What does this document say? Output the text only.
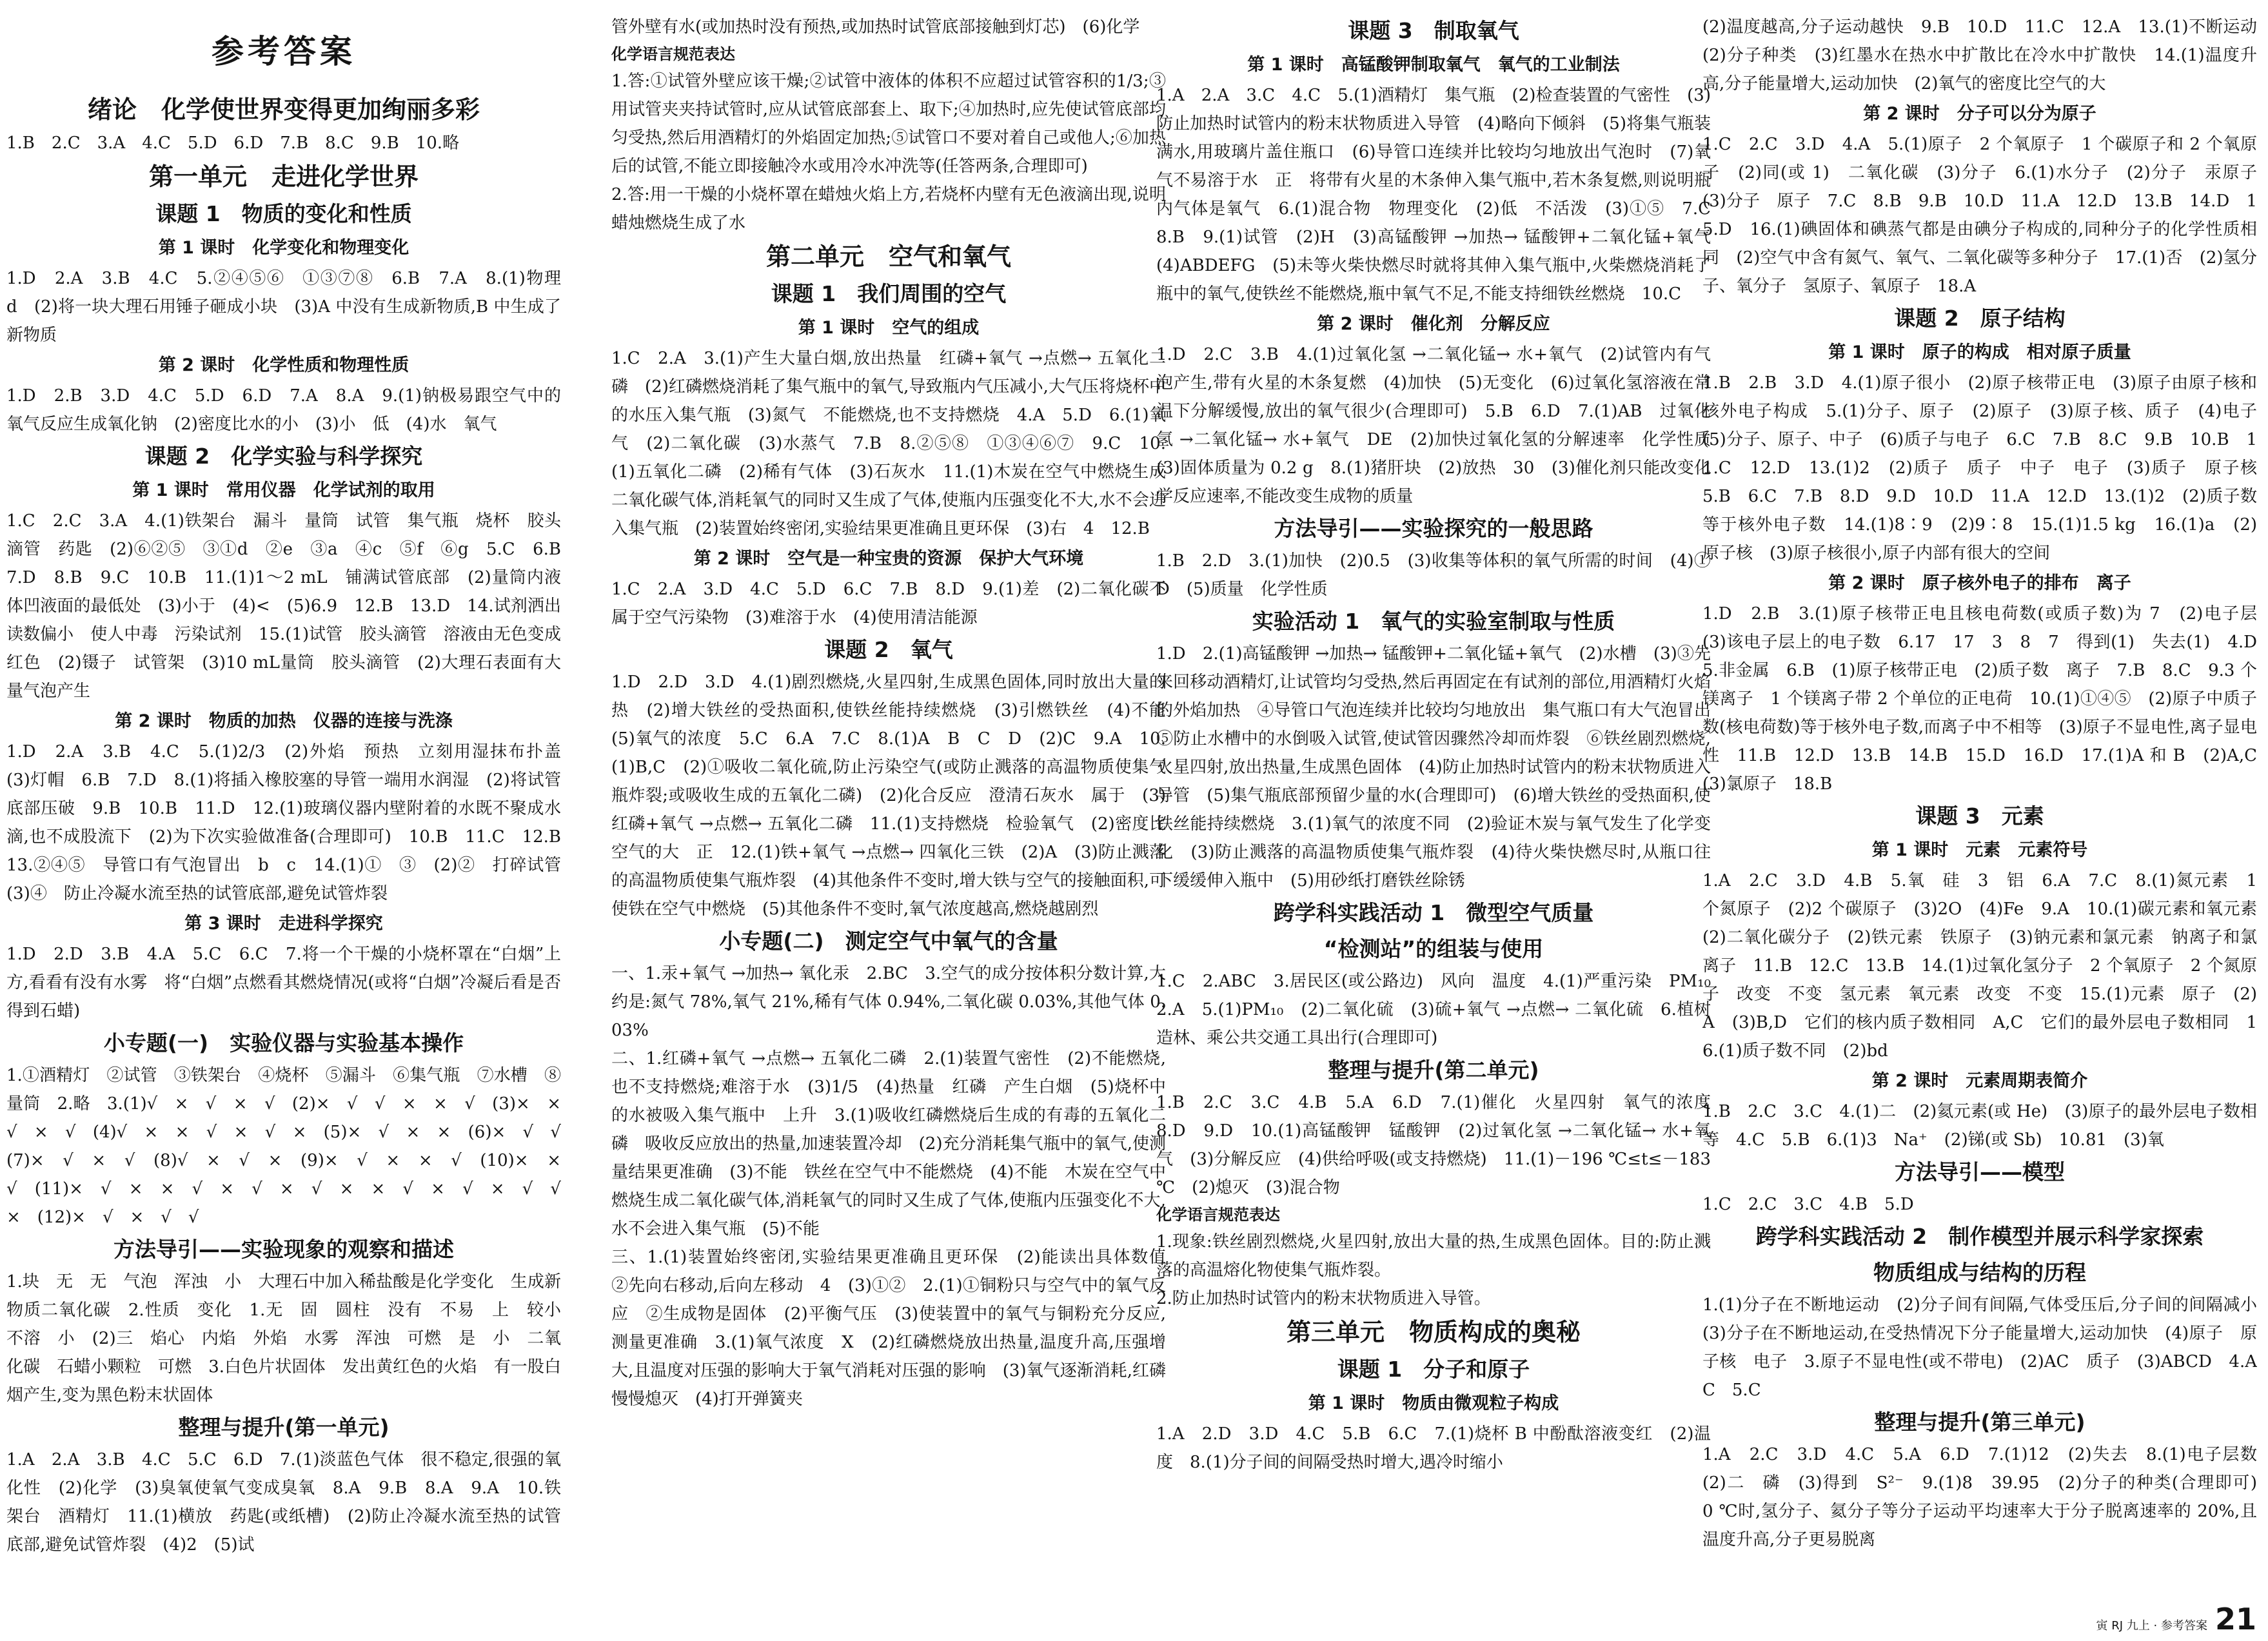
参考答案
绪论　化学使世界变得更加绚丽多彩
1.B　2.C　3.A　4.C　5.D　6.D　7.B　8.C　9.B　10.略
第一单元　走进化学世界
课题 1　物质的变化和性质
第 1 课时　化学变化和物理变化
1.D　2.A　3.B　4.C　5.②④⑤⑥　①③⑦⑧　6.B　7.A　8.(1)物理　d　(2)将一块大理石用锤子砸成小块　(3)A 中没有生成新物质,B 中生成了新物质
第 2 课时　化学性质和物理性质
1.D　2.B　3.D　4.C　5.D　6.D　7.A　8.A　9.(1)钠极易跟空气中的氧气反应生成氧化钠　(2)密度比水的小　(3)小　低　(4)水　氧气
课题 2　化学实验与科学探究
第 1 课时　常用仪器　化学试剂的取用
1.C　2.C　3.A　4.(1)铁架台　漏斗　量筒　试管　集气瓶　烧杯　胶头滴管　药匙　(2)⑥②⑤　③①d　②e　③a　④c　⑤f　⑥g　5.C　6.B　7.D　8.B　9.C　10.B　11.(1)1～2 mL　铺满试管底部　(2)量筒内液体凹液面的最低处　(3)小于　(4)<　(5)6.9　12.B　13.D　14.试剂洒出　读数偏小　使人中毒　污染试剂　15.(1)试管　胶头滴管　溶液由无色变成红色　(2)镊子　试管架　(3)10 mL量筒　胶头滴管　(2)大理石表面有大量气泡产生
第 2 课时　物质的加热　仪器的连接与洗涤
1.D　2.A　3.B　4.C　5.(1)2/3　(2)外焰　预热　立刻用湿抹布扑盖　(3)灯帽　6.B　7.D　8.(1)将插入橡胶塞的导管一端用水润湿　(2)将试管底部压破　9.B　10.B　11.D　12.(1)玻璃仪器内壁附着的水既不聚成水滴,也不成股流下　(2)为下次实验做准备(合理即可)　10.B　11.C　12.B　13.②④⑤　导管口有气泡冒出　b　c　14.(1)①　③　(2)②　打碎试管　(3)④　防止冷凝水流至热的试管底部,避免试管炸裂
第 3 课时　走进科学探究
1.D　2.D　3.B　4.A　5.C　6.C　7.将一个干燥的小烧杯罩在“白烟”上方,看看有没有水雾　将“白烟”点燃看其燃烧情况(或将“白烟”冷凝后看是否得到石蜡)
小专题(一)　实验仪器与实验基本操作
1.①酒精灯　②试管　③铁架台　④烧杯　⑤漏斗　⑥集气瓶　⑦水槽　⑧量筒　2.略　3.(1)√　×　√　×　√　(2)×　√　√　×　×　√　(3)×　×　√　×　√　(4)√　×　×　√　×　√　×　(5)×　√　×　×　(6)×　√　√　(7)×　√　×　√　(8)√　×　√　×　(9)×　√　×　×　√　(10)×　×　√　(11)×　√　×　×　√　×　√　×　√　×　×　√　×　√　×　√　√　×　(12)×　√　×　√　√
方法导引——实验现象的观察和描述
1.块　无　无　气泡　浑浊　小　大理石中加入稀盐酸是化学变化　生成新物质二氧化碳　2.性质　变化　1.无　固　圆柱　没有　不易　上　较小　不溶　小　(2)三　焰心　内焰　外焰　水雾　浑浊　可燃　是　小　二氧化碳　石蜡小颗粒　可燃　3.白色片状固体　发出黄红色的火焰　有一股白烟产生,变为黑色粉末状固体
整理与提升(第一单元)
1.A　2.A　3.B　4.C　5.C　6.D　7.(1)淡蓝色气体　很不稳定,很强的氧化性　(2)化学　(3)臭氧使氧气变成臭氧　8.A　9.B　8.A　9.A　10.铁架台　酒精灯　11.(1)横放　药匙(或纸槽)　(2)防止冷凝水流至热的试管底部,避免试管炸裂　(4)2　(5)试
管外壁有水(或加热时没有预热,或加热时试管底部接触到灯芯)　(6)化学
化学语言规范表达
1.答:①试管外壁应该干燥;②试管中液体的体积不应超过试管容积的1/3;③用试管夹夹持试管时,应从试管底部套上、取下;④加热时,应先使试管底部均匀受热,然后用酒精灯的外焰固定加热;⑤试管口不要对着自己或他人;⑥加热后的试管,不能立即接触冷水或用冷水冲洗等(任答两条,合理即可)
2.答:用一干燥的小烧杯罩在蜡烛火焰上方,若烧杯内壁有无色液滴出现,说明蜡烛燃烧生成了水
第二单元　空气和氧气
课题 1　我们周围的空气
第 1 课时　空气的组成
1.C　2.A　3.(1)产生大量白烟,放出热量　红磷+氧气 →点燃→ 五氧化二磷　(2)红磷燃烧消耗了集气瓶中的氧气,导致瓶内气压减小,大气压将烧杯中的水压入集气瓶　(3)氮气　不能燃烧,也不支持燃烧　4.A　5.D　6.(1)氧气　(2)二氧化碳　(3)水蒸气　7.B　8.②⑤⑧　①③④⑥⑦　9.C　10.(1)五氧化二磷　(2)稀有气体　(3)石灰水　11.(1)木炭在空气中燃烧生成二氧化碳气体,消耗氧气的同时又生成了气体,使瓶内压强变化不大,水不会进入集气瓶　(2)装置始终密闭,实验结果更准确且更环保　(3)右　4　12.B
第 2 课时　空气是一种宝贵的资源　保护大气环境
1.C　2.A　3.D　4.C　5.D　6.C　7.B　8.D　9.(1)差　(2)二氧化碳不属于空气污染物　(3)难溶于水　(4)使用清洁能源
课题 2　氧气
1.D　2.D　3.D　4.(1)剧烈燃烧,火星四射,生成黑色固体,同时放出大量的热　(2)增大铁丝的受热面积,使铁丝能持续燃烧　(3)引燃铁丝　(4)不能　(5)氧气的浓度　5.C　6.A　7.C　8.(1)A　B　C　D　(2)C　9.A　10.(1)B,C　(2)①吸收二氧化硫,防止污染空气(或防止溅落的高温物质使集气瓶炸裂;或吸收生成的五氧化二磷)　(2)化合反应　澄清石灰水　属于　(3)红磷+氧气 →点燃→ 五氧化二磷　11.(1)支持燃烧　检验氧气　(2)密度比空气的大　正　12.(1)铁+氧气 →点燃→ 四氧化三铁　(2)A　(3)防止溅落的高温物质使集气瓶炸裂　(4)其他条件不变时,增大铁与空气的接触面积,可使铁在空气中燃烧　(5)其他条件不变时,氧气浓度越高,燃烧越剧烈
小专题(二)　测定空气中氧气的含量
一、1.汞+氧气 →加热→ 氧化汞　2.BC　3.空气的成分按体积分数计算,大约是:氮气 78%,氧气 21%,稀有气体 0.94%,二氧化碳 0.03%,其他气体 0.03%
二、1.红磷+氧气 →点燃→ 五氧化二磷　2.(1)装置气密性　(2)不能燃烧,也不支持燃烧;难溶于水　(3)1/5　(4)热量　红磷　产生白烟　(5)烧杯中的水被吸入集气瓶中　上升　3.(1)吸收红磷燃烧后生成的有毒的五氧化二磷　吸收反应放出的热量,加速装置冷却　(2)充分消耗集气瓶中的氧气,使测量结果更准确　(3)不能　铁丝在空气中不能燃烧　(4)不能　木炭在空气中燃烧生成二氧化碳气体,消耗氧气的同时又生成了气体,使瓶内压强变化不大,水不会进入集气瓶　(5)不能
三、1.(1)装置始终密闭,实验结果更准确且更环保　(2)能读出具体数值　②先向右移动,后向左移动　4　(3)①②　2.(1)①铜粉只与空气中的氧气反应　②生成物是固体　(2)平衡气压　(3)使装置中的氧气与铜粉充分反应,测量更准确　3.(1)氧气浓度　X　(2)红磷燃烧放出热量,温度升高,压强增大,且温度对压强的影响大于氧气消耗对压强的影响　(3)氧气逐渐消耗,红磷慢慢熄灭　(4)打开弹簧夹
课题 3　制取氧气
第 1 课时　高锰酸钾制取氧气　氧气的工业制法
1.A　2.A　3.C　4.C　5.(1)酒精灯　集气瓶　(2)检查装置的气密性　(3)防止加热时试管内的粉末状物质进入导管　(4)略向下倾斜　(5)将集气瓶装满水,用玻璃片盖住瓶口　(6)导管口连续并比较均匀地放出气泡时　(7)氧气不易溶于水　正　将带有火星的木条伸入集气瓶中,若木条复燃,则说明瓶内气体是氧气　6.(1)混合物　物理变化　(2)低　不活泼　(3)①⑤　7.C　8.B　9.(1)试管　(2)H　(3)高锰酸钾 →加热→ 锰酸钾+二氧化锰+氧气　(4)ABDEFG　(5)未等火柴快燃尽时就将其伸入集气瓶中,火柴燃烧消耗了瓶中的氧气,使铁丝不能燃烧,瓶中氧气不足,不能支持细铁丝燃烧　10.C
第 2 课时　催化剂　分解反应
1.D　2.C　3.B　4.(1)过氧化氢 →二氧化锰→ 水+氧气　(2)试管内有气泡产生,带有火星的木条复燃　(4)加快　(5)无变化　(6)过氧化氢溶液在常温下分解缓慢,放出的氧气很少(合理即可)　5.B　6.D　7.(1)AB　过氧化氢 →二氧化锰→ 水+氧气　DE　(2)加快过氧化氢的分解速率　化学性质　(3)固体质量为 0.2 g　8.(1)猪肝块　(2)放热　30　(3)催化剂只能改变化学反应速率,不能改变生成物的质量
方法导引——实验探究的一般思路
1.B　2.D　3.(1)加快　(2)0.5　(3)收集等体积的氧气所需的时间　(4)①D　(5)质量　化学性质
实验活动 1　氧气的实验室制取与性质
1.D　2.(1)高锰酸钾 →加热→ 锰酸钾+二氧化锰+氧气　(2)水槽　(3)③先来回移动酒精灯,让试管均匀受热,然后再固定在有试剂的部位,用酒精灯火焰的外焰加热　④导管口气泡连续并比较均匀地放出　集气瓶口有大气泡冒出　⑤防止水槽中的水倒吸入试管,使试管因骤然冷却而炸裂　⑥铁丝剧烈燃烧,火星四射,放出热量,生成黑色固体　(4)防止加热时试管内的粉末状物质进入导管　(5)集气瓶底部预留少量的水(合理即可)　(6)增大铁丝的受热面积,使铁丝能持续燃烧　3.(1)氧气的浓度不同　(2)验证木炭与氧气发生了化学变化　(3)防止溅落的高温物质使集气瓶炸裂　(4)待火柴快燃尽时,从瓶口往下缓缓伸入瓶中　(5)用砂纸打磨铁丝除锈
跨学科实践活动 1　微型空气质量
“检测站”的组装与使用
1.C　2.ABC　3.居民区(或公路边)　风向　温度　4.(1)严重污染　PM₁₀　2.A　5.(1)PM₁₀　(2)二氧化硫　(3)硫+氧气 →点燃→ 二氧化硫　6.植树造林、乘公共交通工具出行(合理即可)
整理与提升(第二单元)
1.B　2.C　3.C　4.B　5.A　6.D　7.(1)催化　火星四射　氧气的浓度　8.D　9.D　10.(1)高锰酸钾　锰酸钾　(2)过氧化氢 →二氧化锰→ 水+氧气　(3)分解反应　(4)供给呼吸(或支持燃烧)　11.(1)－196 ℃≤t≤－183 ℃　(2)熄灭　(3)混合物
化学语言规范表达
1.现象:铁丝剧烈燃烧,火星四射,放出大量的热,生成黑色固体。目的:防止溅落的高温熔化物使集气瓶炸裂。
2.防止加热时试管内的粉末状物质进入导管。
第三单元　物质构成的奥秘
课题 1　分子和原子
第 1 课时　物质由微观粒子构成
1.A　2.D　3.D　4.C　5.B　6.C　7.(1)烧杯 B 中酚酞溶液变红　(2)温度　8.(1)分子间的间隔受热时增大,遇冷时缩小
(2)温度越高,分子运动越快　9.B　10.D　11.C　12.A　13.(1)不断运动　(2)分子种类　(3)红墨水在热水中扩散比在冷水中扩散快　14.(1)温度升高,分子能量增大,运动加快　(2)氧气的密度比空气的大
第 2 课时　分子可以分为原子
1.C　2.C　3.D　4.A　5.(1)原子　2 个氧原子　1 个碳原子和 2 个氧原子　(2)同(或 1)　二氧化碳　(3)分子　6.(1)水分子　(2)分子　汞原子　(3)分子　原子　7.C　8.B　9.B　10.D　11.A　12.D　13.B　14.D　15.D　16.(1)碘固体和碘蒸气都是由碘分子构成的,同种分子的化学性质相同　(2)空气中含有氮气、氧气、二氧化碳等多种分子　17.(1)否　(2)氢分子、氧分子　氢原子、氧原子　18.A
课题 2　原子结构
第 1 课时　原子的构成　相对原子质量
1.B　2.B　3.D　4.(1)原子很小　(2)原子核带正电　(3)原子由原子核和核外电子构成　5.(1)分子、原子　(2)原子　(3)原子核、质子　(4)电子　(5)分子、原子、中子　(6)质子与电子　6.C　7.B　8.C　9.B　10.B　11.C　12.D　13.(1)2　(2)质子　质子　中子　电子　(3)质子　原子核　5.B　6.C　7.B　8.D　9.D　10.D　11.A　12.D　13.(1)2　(2)质子数等于核外电子数　14.(1)8∶9　(2)9∶8　15.(1)1.5 kg　16.(1)a　(2)原子核　(3)原子核很小,原子内部有很大的空间
第 2 课时　原子核外电子的排布　离子
1.D　2.B　3.(1)原子核带正电且核电荷数(或质子数)为 7　(2)电子层　(3)该电子层上的电子数　6.17　17　3　8　7　得到(1)　失去(1)　4.D　5.非金属　6.B　(1)原子核带正电　(2)质子数　离子　7.B　8.C　9.3 个镁离子　1 个镁离子带 2 个单位的正电荷　10.(1)①④⑤　(2)原子中质子数(核电荷数)等于核外电子数,而离子中不相等　(3)原子不显电性,离子显电性　11.B　12.D　13.B　14.B　15.D　16.D　17.(1)A 和 B　(2)A,C　(3)氯原子　18.B
课题 3　元素
第 1 课时　元素　元素符号
1.A　2.C　3.D　4.B　5.氧　硅　3　铝　6.A　7.C　8.(1)氮元素　1 个氮原子　(2)2 个碳原子　(3)2O　(4)Fe　9.A　10.(1)碳元素和氧元素　(2)二氧化碳分子　(2)铁元素　铁原子　(3)钠元素和氯元素　钠离子和氯离子　11.B　12.C　13.B　14.(1)过氧化氢分子　2 个氧原子　2 个氮原子　改变　不变　氢元素　氧元素　改变　不变　15.(1)元素　原子　(2)A　(3)B,D　它们的核内质子数相同　A,C　它们的最外层电子数相同　16.(1)质子数不同　(2)bd
第 2 课时　元素周期表简介
1.B　2.C　3.C　4.(1)二　(2)氦元素(或 He)　(3)原子的最外层电子数相等　4.C　5.B　6.(1)3　Na⁺　(2)锑(或 Sb)　10.81　(3)氧
方法导引——模型
1.C　2.C　3.C　4.B　5.D
跨学科实践活动 2　制作模型并展示科学家探索
物质组成与结构的历程
1.(1)分子在不断地运动　(2)分子间有间隔,气体受压后,分子间的间隔减小　(3)分子在不断地运动,在受热情况下分子能量增大,运动加快　(4)原子　原子核　电子　3.原子不显电性(或不带电)　(2)AC　质子　(3)ABCD　4.AC　5.C
整理与提升(第三单元)
1.A　2.C　3.D　4.C　5.A　6.D　7.(1)12　(2)失去　8.(1)电子层数　(2)二　磷　(3)得到　S²⁻　9.(1)8　39.95　(2)分子的种类(合理即可)　0 ℃时,氢分子、氦分子等分子运动平均速率大于分子脱离速率的 20%,且温度升高,分子更易脱离
寅 RJ 九上 · 参考答案 21
